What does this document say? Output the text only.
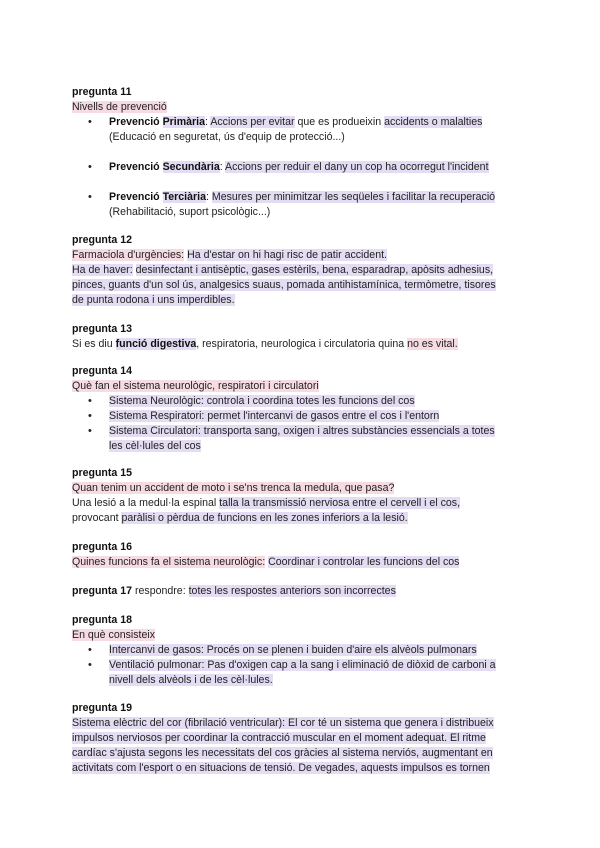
pregunta 11
Nivells de prevenció
• Prevenció Primària: Accions per evitar que es produeixin accidents o malalties
(Educació en seguretat, ús d'equip de protecció...)
• Prevenció Secundària: Accions per reduir el dany un cop ha ocorregut l'incident
• Prevenció Terciària: Mesures per minimitzar les seqüeles i facilitar la recuperació
(Rehabilitació, suport psicològic...)
pregunta 12

Farmaciola d'urgències: Ha d'estar on hi hagi risc de patir accident.

Ha de haver: desinfectant i antisèptic, gases estèrils, bena, esparadrap, apòsits adhesius,
pinces, guants d'un sol ús, analgesics suaus, pomada antihistamínica, termòmetre, tisores
de punta rodona i uns imperdibles.

pregunta 13

Si es diu funció digestiva, respiratoria, neurologica i circulatoria quina no es vital.

pregunta 14
Què fan el sistema neurològic, respiratori i circulatori
• Sistema Neurològic: controla i coordina totes les funcions del cos
• Sistema Respiratori: permet l'intercanvi de gasos entre el cos i l'entorn
• Sistema Circulatori: transporta sang, oxigen i altres substàncies essencials a totes
les cèl·lules del cos
pregunta 15
Quan tenim un accident de moto i se'ns trenca la medula, que pasa?

Una lesió a la medul·la espinal talla la transmissió nerviosa entre el cervell i el cos,
provocant paràlisi o pèrdua de funcions en les zones inferiors a la lesió.

pregunta 16

Quines funcions fa el sistema neurològic: Coordinar i controlar les funcions del cos

pregunta 17 respondre: totes les respostes anteriors son incorrectes

pregunta 18
En què consisteix
• Intercanvi de gasos: Procés on se plenen i buiden d'aire els alvèols pulmonars
• Ventilació pulmonar: Pas d'oxigen cap a la sang i eliminació de diòxid de carboni a
nivell dels alvèols i de les cèl·lules.
pregunta 19

Sistema elèctric del cor (fibrilació ventricular): El cor té un sistema que genera i distribueix
impulsos nerviosos per coordinar la contracció muscular en el moment adequat. El ritme
cardíac s'ajusta segons les necessitats del cos gràcies al sistema nerviós, augmentant en
activitats com l'esport o en situacions de tensió. De vegades, aquests impulsos es tornen
